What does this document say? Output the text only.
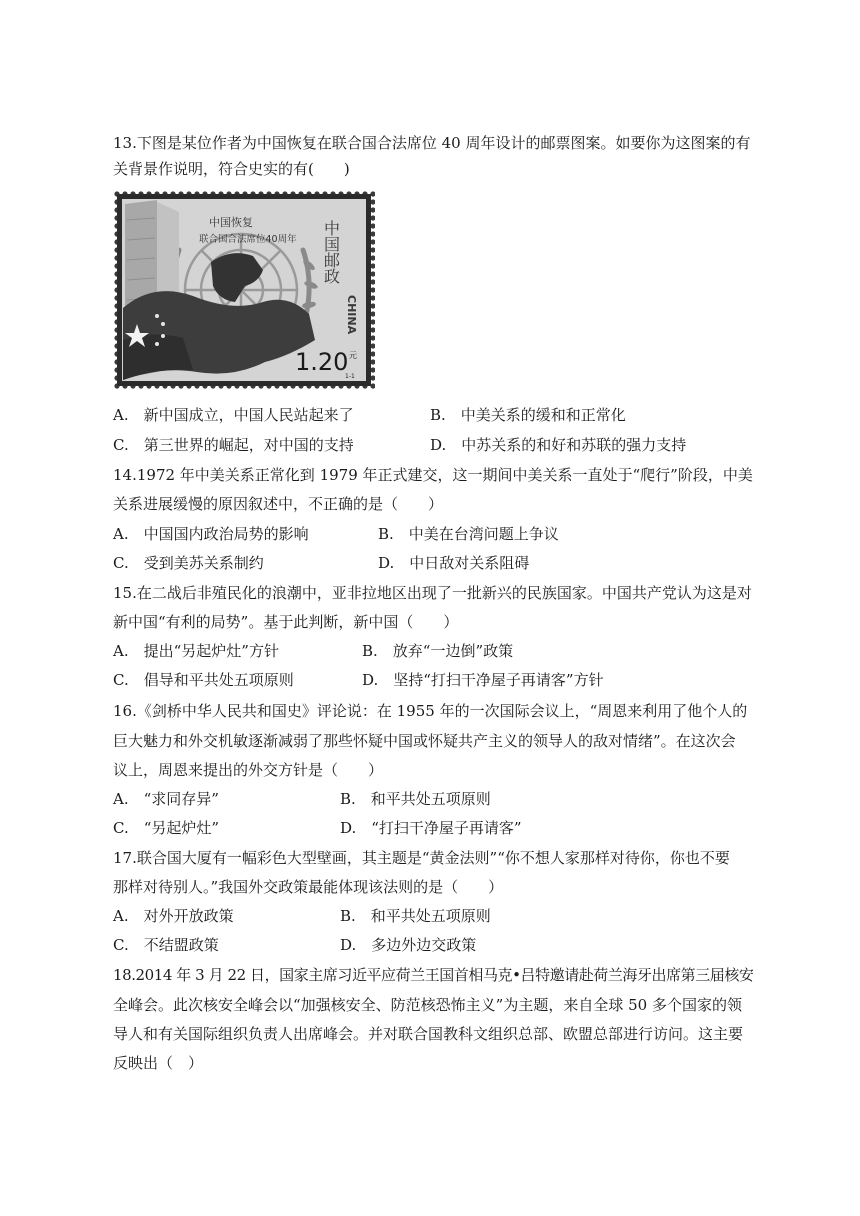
13.下图是某位作者为中国恢复在联合国合法席位 40 周年设计的邮票图案。如要你为这图案的有
关背景作说明，符合史实的有(　　)
中国恢复
联合国合法席位40周年 中国邮政
CHINA
1.20 元
1-1
A.　新中国成立，中国人民站起来了	B.　中美关系的缓和和正常化
C.　第三世界的崛起，对中国的支持	D.　中苏关系的和好和苏联的强力支持
14.1972 年中美关系正常化到 1979 年正式建交，这一期间中美关系一直处于“爬行”阶段，中美
关系进展缓慢的原因叙述中，不正确的是（　　）
A.　中国国内政治局势的影响	B.　中美在台湾问题上争议
C.　受到美苏关系制约	D.　中日敌对关系阻碍
15.在二战后非殖民化的浪潮中，亚非拉地区出现了一批新兴的民族国家。中国共产党认为这是对
新中国“有利的局势”。基于此判断，新中国（　　）
A.　提出“另起炉灶”方针	B.　放弃“一边倒”政策
C.　倡导和平共处五项原则	D.　坚持“打扫干净屋子再请客”方针
16.《剑桥中华人民共和国史》评论说：在 1955 年的一次国际会议上，“周恩来利用了他个人的
巨大魅力和外交机敏逐渐减弱了那些怀疑中国或怀疑共产主义的领导人的敌对情绪”。在这次会
议上，周恩来提出的外交方针是（　　）
A.　“求同存异”	B.　和平共处五项原则
C.　“另起炉灶”	D.　“打扫干净屋子再请客”
17.联合国大厦有一幅彩色大型壁画，其主题是“黄金法则”“你不想人家那样对待你，你也不要
那样对待别人。”我国外交政策最能体现该法则的是（　　）
A.　对外开放政策	B.　和平共处五项原则
C.　不结盟政策	D.　多边外边交政策
18.2014 年 3 月 22 日，国家主席习近平应荷兰王国首相马克•吕特邀请赴荷兰海牙出席第三届核安
全峰会。此次核安全峰会以“加强核安全、防范核恐怖主义”为主题，来自全球 50 多个国家的领
导人和有关国际组织负责人出席峰会。并对联合国教科文组织总部、欧盟总部进行访问。这主要
反映出（　）
